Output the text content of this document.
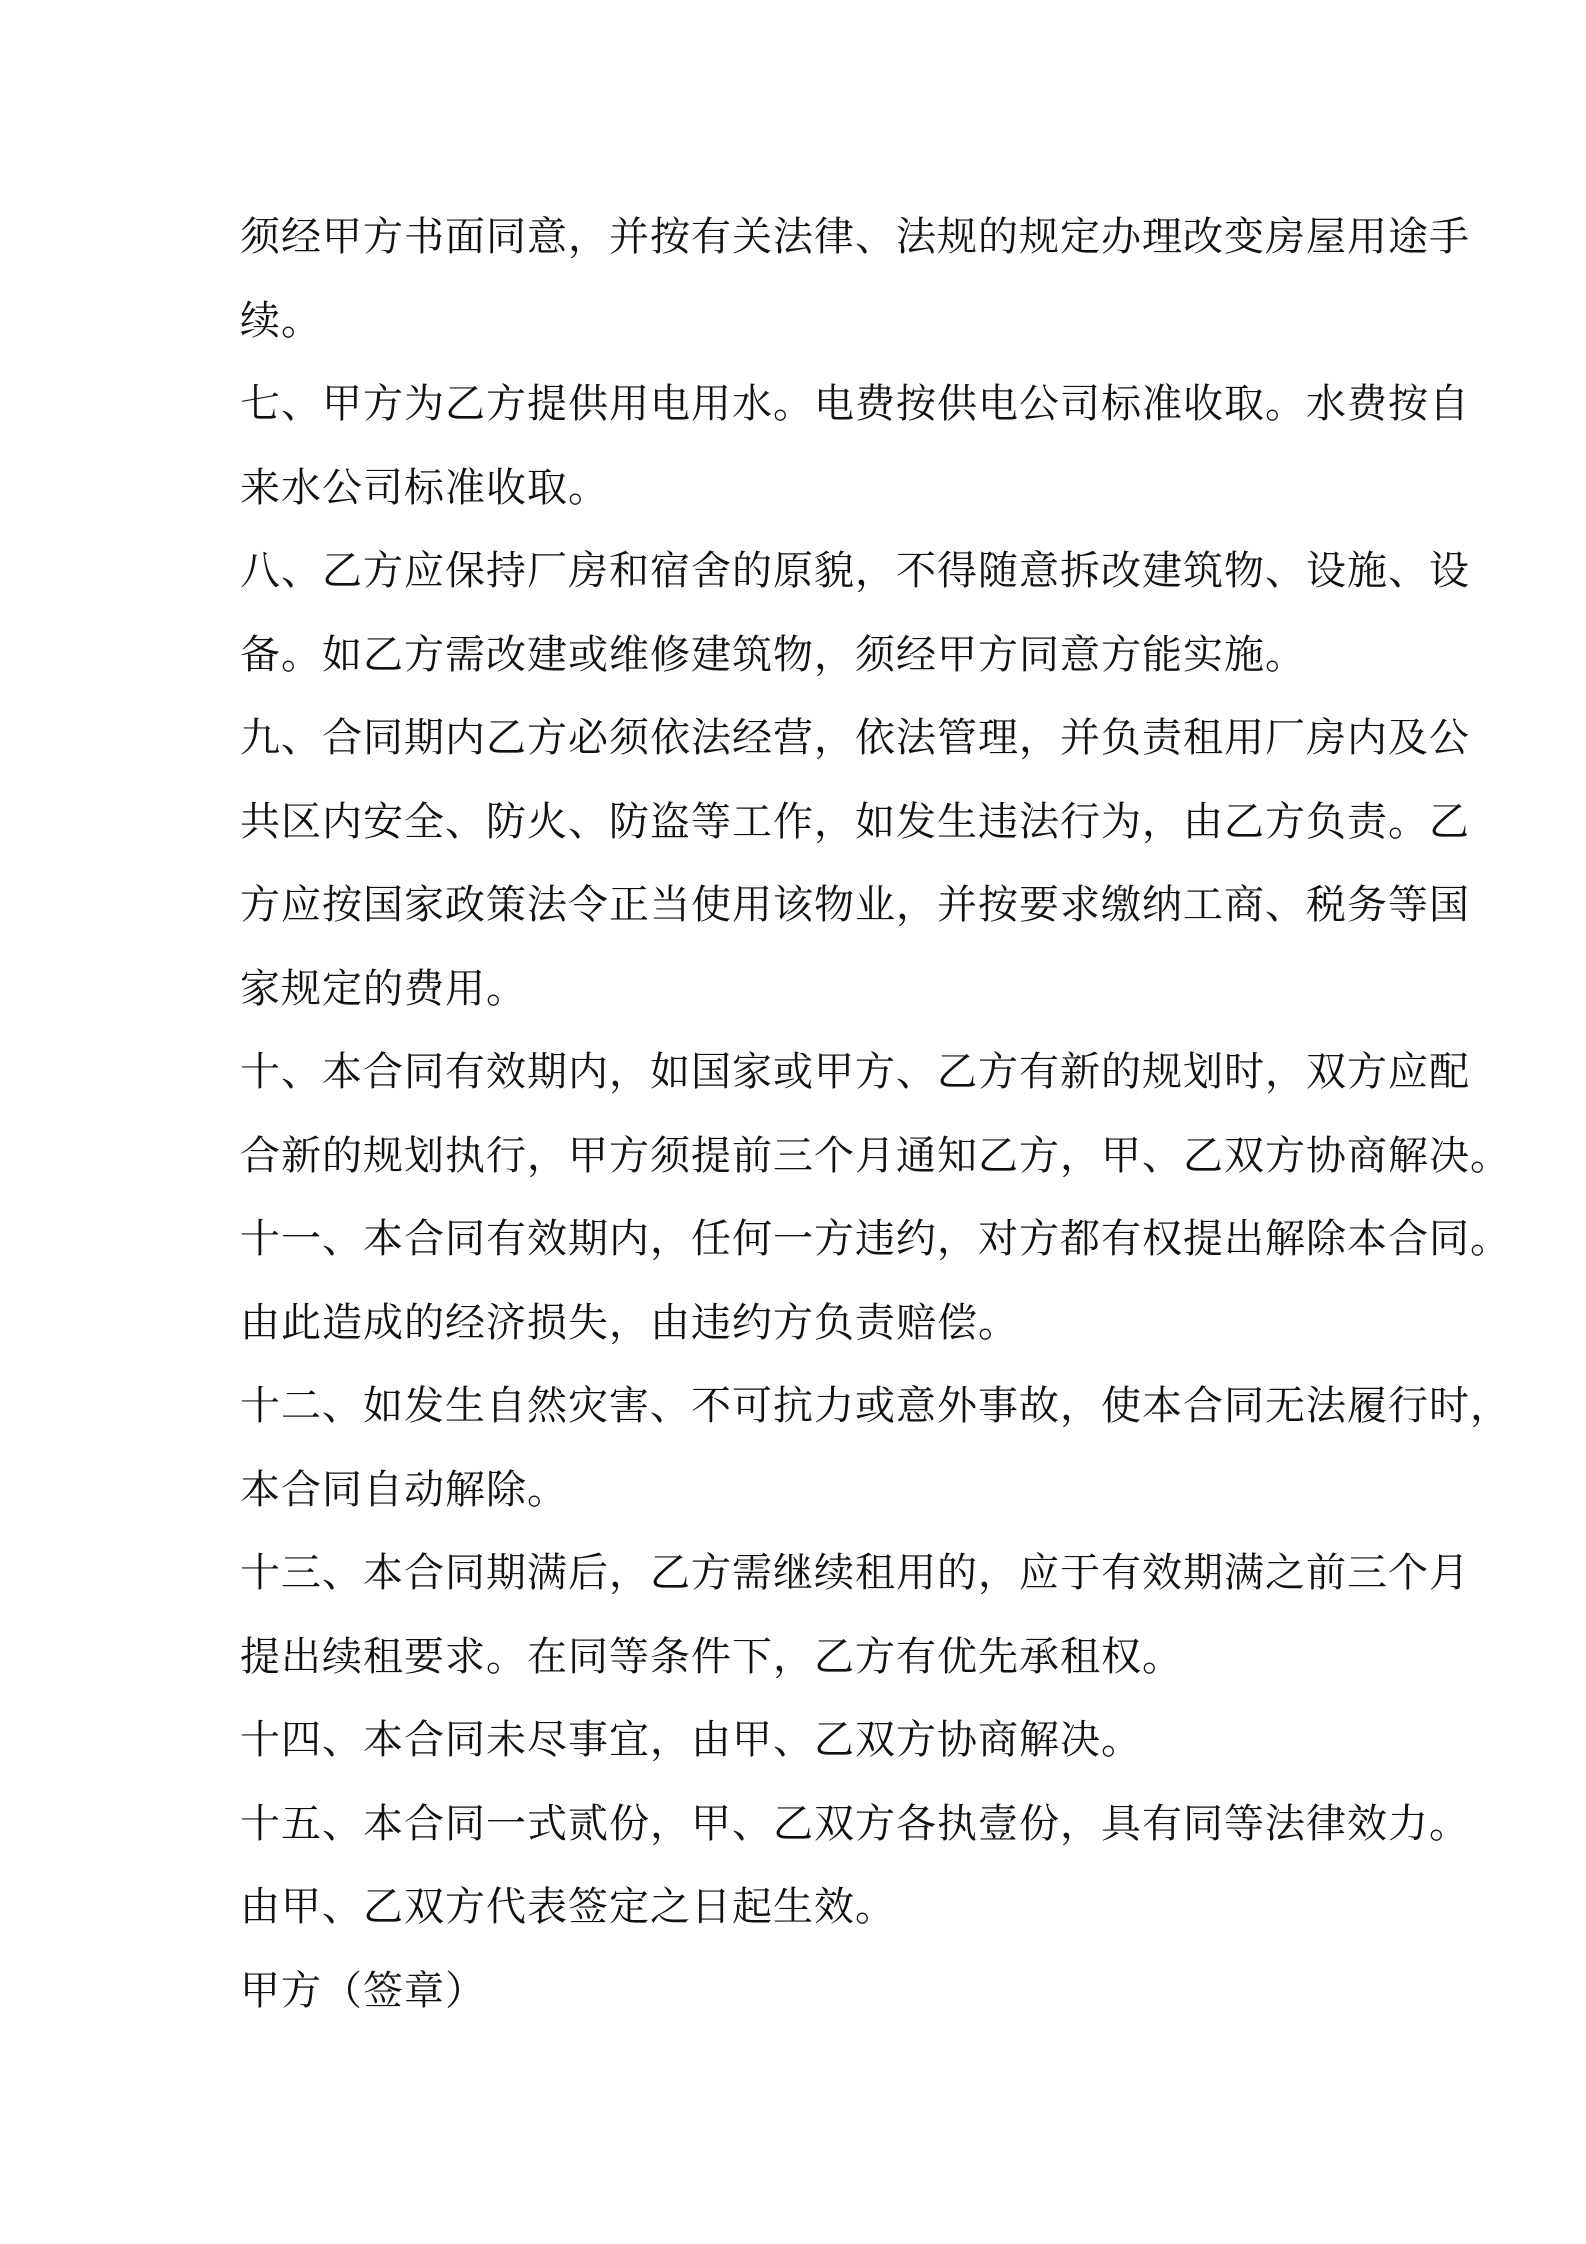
须经甲方书面同意，并按有关法律、法规的规定办理改变房屋用途手
续。

七、甲方为乙方提供用电用水。电费按供电公司标准收取。水费按自
来水公司标准收取。

八、乙方应保持厂房和宿舍的原貌，不得随意拆改建筑物、设施、设
备。如乙方需改建或维修建筑物，须经甲方同意方能实施。

九、合同期内乙方必须依法经营，依法管理，并负责租用厂房内及公
共区内安全、防火、防盗等工作，如发生违法行为，由乙方负责。乙
方应按国家政策法令正当使用该物业，并按要求缴纳工商、税务等国
家规定的费用。

十、本合同有效期内，如国家或甲方、乙方有新的规划时，双方应配
合新的规划执行，甲方须提前三个月通知乙方，甲、乙双方协商解决。

十一、本合同有效期内，任何一方违约，对方都有权提出解除本合同。
由此造成的经济损失，由违约方负责赔偿。

十二、如发生自然灾害、不可抗力或意外事故，使本合同无法履行时，
本合同自动解除。

十三、本合同期满后，乙方需继续租用的，应于有效期满之前三个月
提出续租要求。在同等条件下，乙方有优先承租权。

十四、本合同未尽事宜，由甲、乙双方协商解决。

十五、本合同一式贰份，甲、乙双方各执壹份，具有同等法律效力。
由甲、乙双方代表签定之日起生效。

甲方（签章）
